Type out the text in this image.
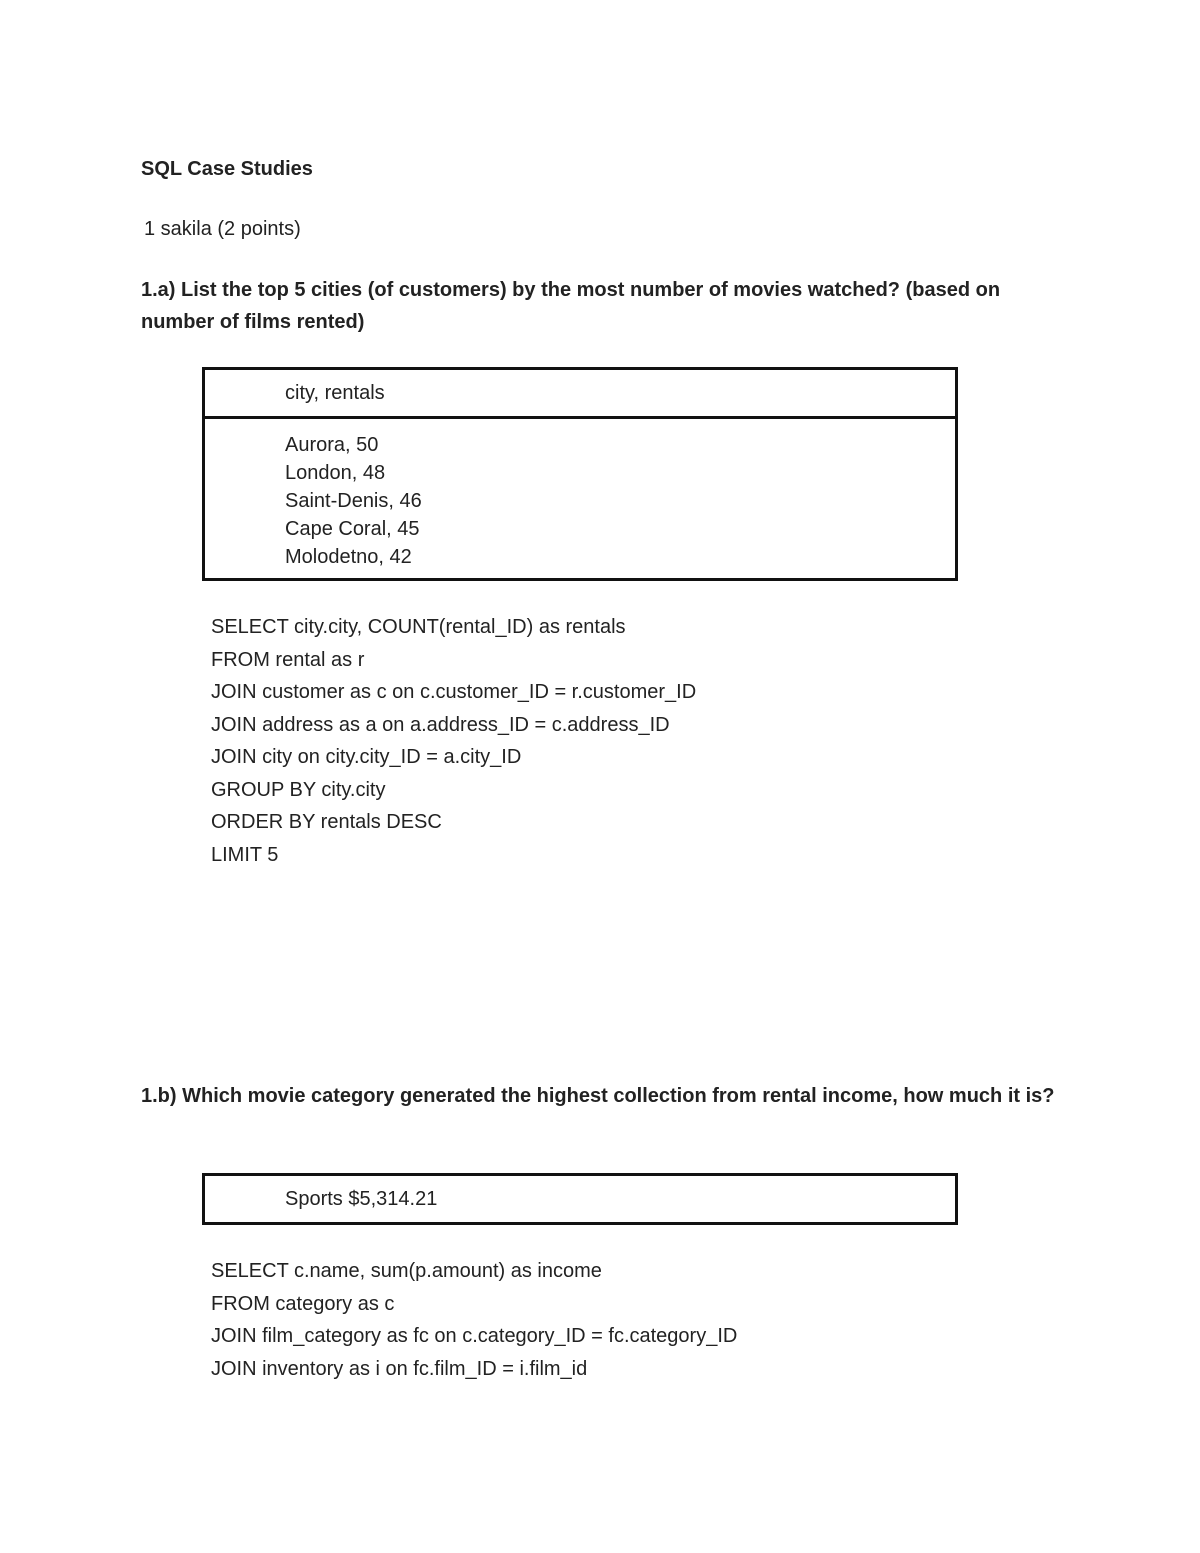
SQL Case Studies
1 sakila (2 points)
1.a) List the top 5 cities (of customers) by the most number of movies watched? (based on number of films rented)
city, rentals
Aurora, 50
London, 48
Saint-Denis, 46
Cape Coral, 45
Molodetno, 42
SELECT city.city, COUNT(rental_ID) as rentals
FROM rental as r
JOIN customer as c on c.customer_ID = r.customer_ID
JOIN address as a on a.address_ID = c.address_ID
JOIN city on city.city_ID = a.city_ID
GROUP BY city.city
ORDER BY rentals DESC
LIMIT 5
1.b) Which movie category generated the highest collection from rental income, how much it is?
Sports $5,314.21
SELECT c.name, sum(p.amount) as income
FROM category as c
JOIN film_category as fc on c.category_ID = fc.category_ID
JOIN inventory as i on fc.film_ID = i.film_id
